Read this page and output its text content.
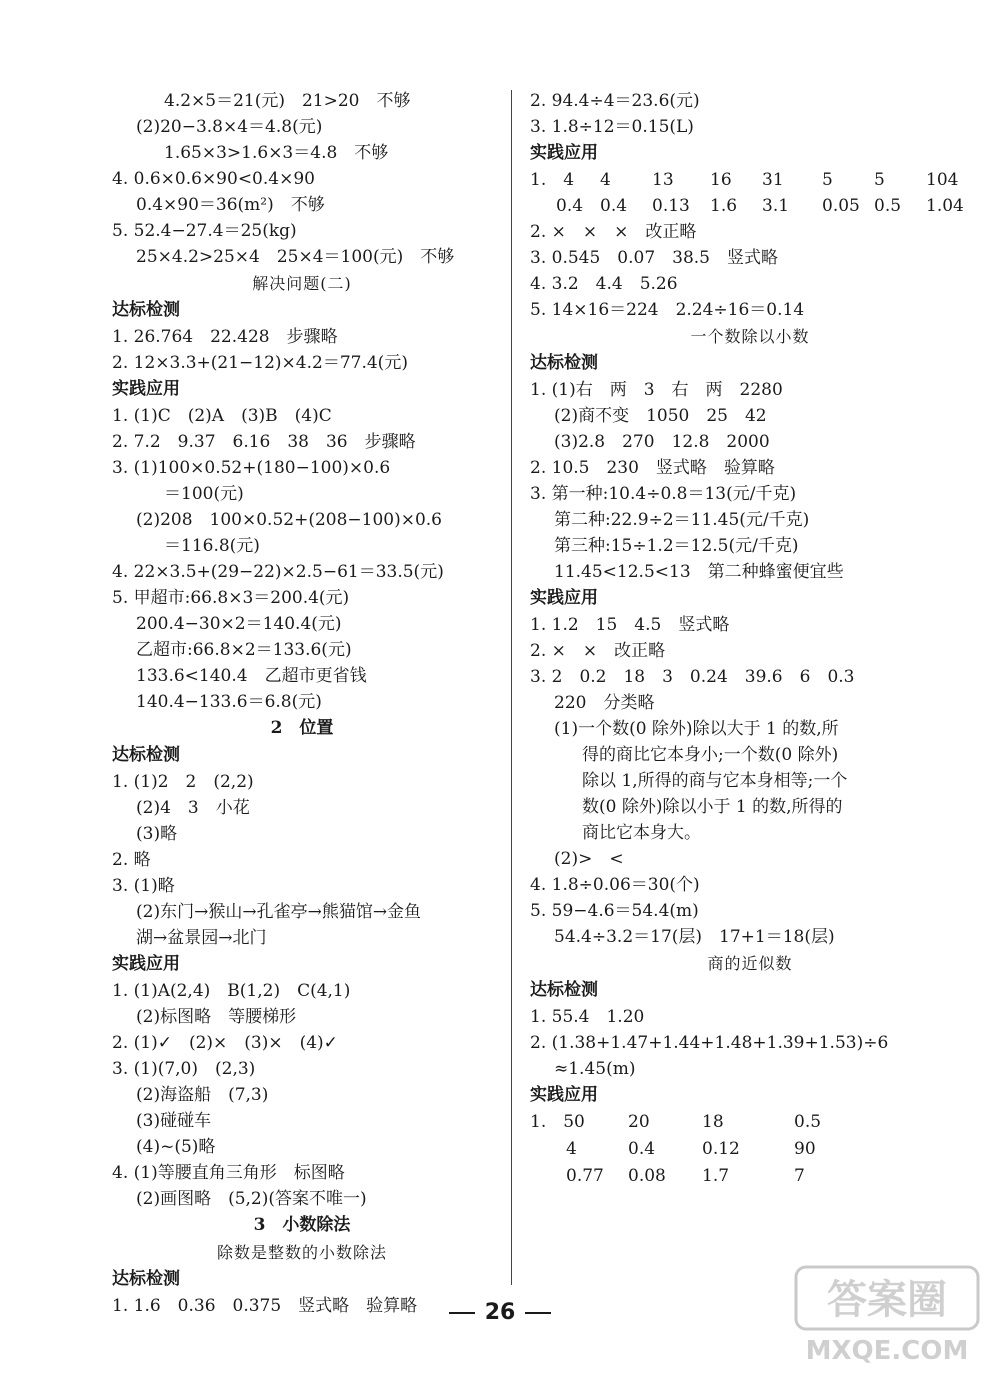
4.2×5＝21(元)　21>20　不够
(2)20−3.8×4＝4.8(元)
1.65×3>1.6×3＝4.8　不够
4. 0.6×0.6×90<0.4×90
0.4×90＝36(m²)　不够
5. 52.4−27.4＝25(kg)
25×4.2>25×4　25×4＝100(元)　不够
解决问题(二)
达标检测
1. 26.764　22.428　步骤略
2. 12×3.3+(21−12)×4.2＝77.4(元)
实践应用
1. (1)C　(2)A　(3)B　(4)C
2. 7.2　9.37　6.16　38　36　步骤略
3. (1)100×0.52+(180−100)×0.6
＝100(元)
(2)208　100×0.52+(208−100)×0.6
＝116.8(元)
4. 22×3.5+(29−22)×2.5−61＝33.5(元)
5. 甲超市:66.8×3＝200.4(元)
200.4−30×2＝140.4(元)
乙超市:66.8×2＝133.6(元)
133.6<140.4　乙超市更省钱
140.4−133.6＝6.8(元)
2　位置
达标检测
1. (1)2　2　(2,2)
(2)4　3　小花
(3)略
2. 略
3. (1)略
(2)东门→猴山→孔雀亭→熊猫馆→金鱼
湖→盆景园→北门
实践应用
1. (1)A(2,4)　B(1,2)　C(4,1)
(2)标图略　等腰梯形
2. (1)✓　(2)×　(3)×　(4)✓
3. (1)(7,0)　(2,3)
(2)海盗船　(7,3)
(3)碰碰车
(4)~(5)略
4. (1)等腰直角三角形　标图略
(2)画图略　(5,2)(答案不唯一)
3　小数除法
除数是整数的小数除法
达标检测
1. 1.6　0.36　0.375　竖式略　验算略
2. 94.4÷4＝23.6(元)
3. 1.8÷12＝0.15(L)
实践应用
1.　4 4 13 16 31 5 5 104
0.4 0.4 0.13 1.6 3.1 0.05 0.5 1.04
2. ×　×　×　改正略
3. 0.545　0.07　38.5　竖式略
4. 3.2　4.4　5.26
5. 14×16＝224　2.24÷16＝0.14
一个数除以小数
达标检测
1. (1)右　两　3　右　两　2280
(2)商不变　1050　25　42
(3)2.8　270　12.8　2000
2. 10.5　230　竖式略　验算略
3. 第一种:10.4÷0.8＝13(元/千克)
第二种:22.9÷2＝11.45(元/千克)
第三种:15÷1.2＝12.5(元/千克)
11.45<12.5<13　第二种蜂蜜便宜些
实践应用
1. 1.2　15　4.5　竖式略
2. ×　×　改正略
3. 2　0.2　18　3　0.24　39.6　6　0.3
220　分类略
(1)一个数(0 除外)除以大于 1 的数,所
得的商比它本身小;一个数(0 除外)
除以 1,所得的商与它本身相等;一个
数(0 除外)除以小于 1 的数,所得的
商比它本身大。
(2)>　<
4. 1.8÷0.06＝30(个)
5. 59−4.6＝54.4(m)
54.4÷3.2＝17(层)　17+1＝18(层)
商的近似数
达标检测
1. 55.4　1.20
2. (1.38+1.47+1.44+1.48+1.39+1.53)÷6
≈1.45(m)
实践应用
1.　50	20	18	0.5
4	0.4	0.12	90
0.77 0.08 1.7	7
26	答案圈
MXQE.COM
